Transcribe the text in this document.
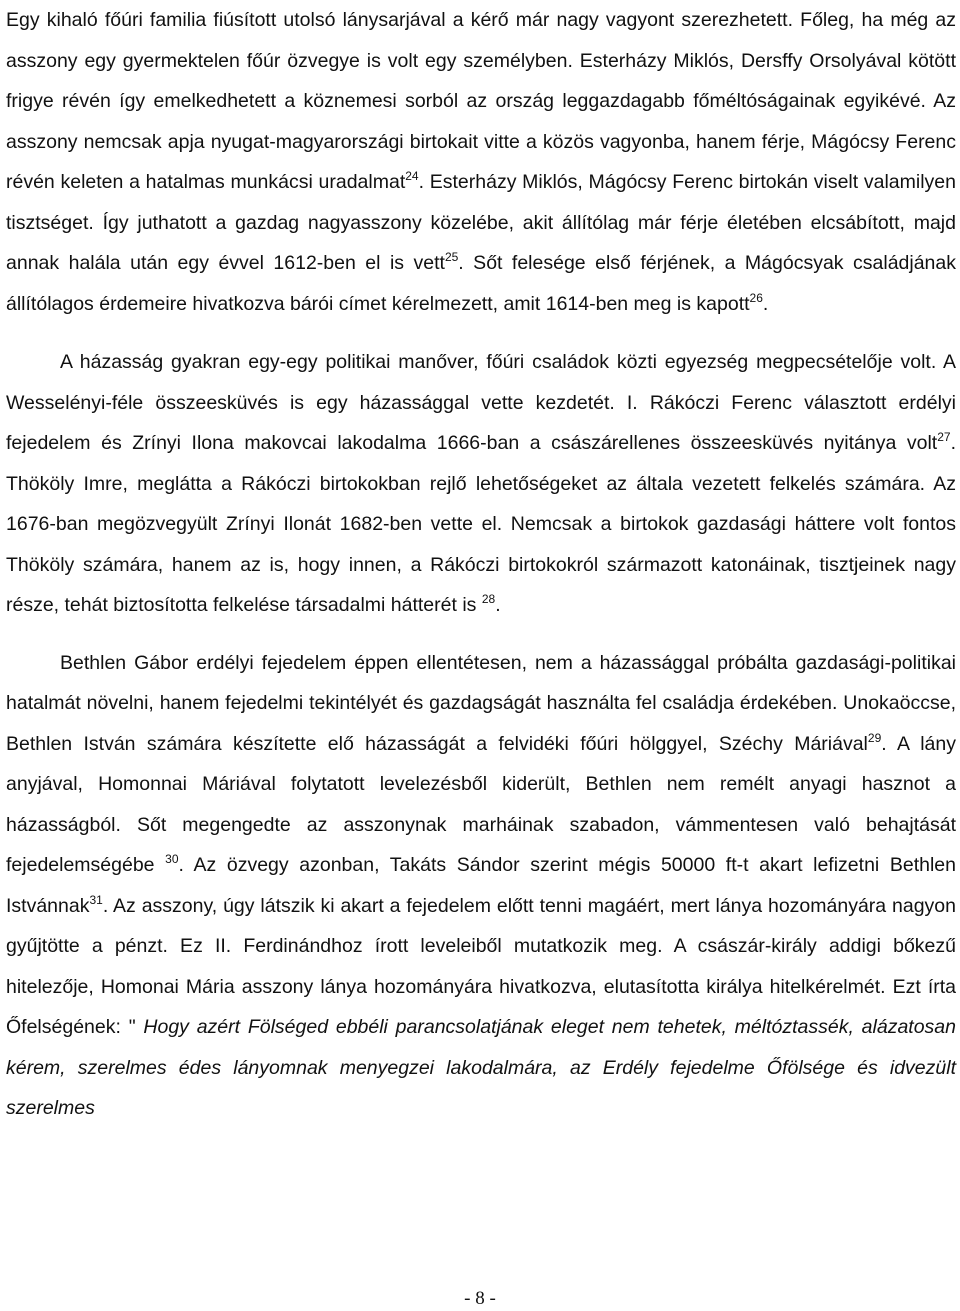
Egy kihaló főúri familia fiúsított utolsó lánysarjával a kérő már nagy vagyont szerezhetett. Főleg, ha még az asszony egy gyermektelen főúr özvegye is volt egy személyben. Esterházy Miklós, Dersffy Orsolyával kötött frigye révén így emelkedhetett a köznemesi sorból az ország leggazdagabb főméltóságainak egyikévé. Az asszony nemcsak apja nyugat-magyarországi birtokait vitte a közös vagyonba, hanem férje, Mágócsy Ferenc révén keleten a hatalmas munkácsi uradalmat$^{24}$. Esterházy Miklós, Mágócsy Ferenc birtokán viselt valamilyen tisztséget. Így juthatott a gazdag nagyasszony közelébe, akit állítólag már férje életében elcsábított, majd annak halála után egy évvel 1612-ben el is vett$^{25}$. Sőt felesége első férjének, a Mágócsyak családjának állítólagos érdemeire hivatkozva bárói címet kérelmezett, amit 1614-ben meg is kapott$^{26}$.

A házasság gyakran egy-egy politikai manőver, főúri családok közti egyezség megpecsételője volt. A Wesselényi-féle összeesküvés is egy házassággal vette kezdetét. I. Rákóczi Ferenc választott erdélyi fejedelem és Zrínyi Ilona makovcai lakodalma 1666-ban a császárellenes összeesküvés nyitánya volt$^{27}$. Thököly Imre, meglátta a Rákóczi birtokokban rejlő lehetőségeket az általa vezetett felkelés számára. Az 1676-ban megözvegyült Zrínyi Ilonát 1682-ben vette el. Nemcsak a birtokok gazdasági háttere volt fontos Thököly számára, hanem az is, hogy innen, a Rákóczi birtokokról származott katonáinak, tisztjeinek nagy része, tehát biztosította felkelése társadalmi hátterét is $^{28}$.

Bethlen Gábor erdélyi fejedelem éppen ellentétesen, nem a házassággal próbálta gazdasági-politikai hatalmát növelni, hanem fejedelmi tekintélyét és gazdagságát használta fel családja érdekében. Unokaöccse, Bethlen István számára készítette elő házasságát a felvidéki főúri hölggyel, Széchy Máriával$^{29}$. A lány anyjával, Homonnai Máriával folytatott levelezésből kiderült, Bethlen nem remélt anyagi hasznot a házasságból. Sőt megengedte az asszonynak marháinak szabadon, vámmentesen való behajtását fejedelemségébe $^{30}$. Az özvegy azonban, Takáts Sándor szerint mégis 50000 ft-t akart lefizetni Bethlen Istvánnak$^{31}$. Az asszony, úgy látszik ki akart a fejedelem előtt tenni magáért, mert lánya hozományára nagyon gyűjtötte a pénzt. Ez II. Ferdinándhoz írott leveleiből mutatkozik meg. A császár-király addigi bőkezű hitelezője, Homonai Mária asszony lánya hozományára hivatkozva, elutasította királya hitelkérelmét. Ezt írta Őfelségének: " Hogy azért Fölséged ebbéli parancsolatjának eleget nem tehetek, méltóztassék, alázatosan kérem, szerelmes édes lányomnak menyegzei lakodalmára, az Erdély fejedelme Őfölsége és idvezült szerelmes

- 8 -
